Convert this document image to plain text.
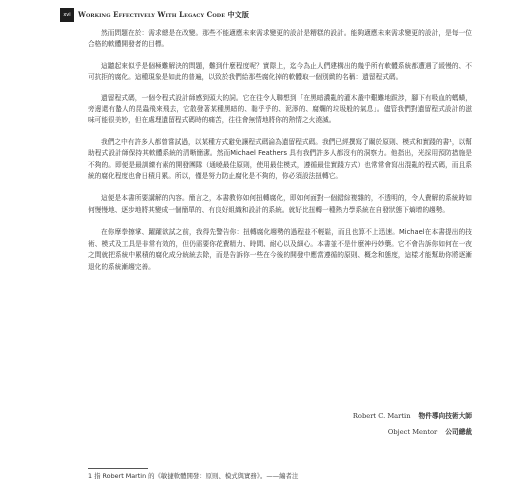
xvi	Working Effectively With Legacy Code 中文版

然而問題在於：需求總是在改變。那些不能適應未來需求變更的設計是糟糕的設計。能夠適應未來需求變更的設計，是每一位合格的軟體開發者的目標。

這聽起來似乎是個極難解決的問題，難到什麼程度呢？實際上，迄今為止人們建構出的幾乎所有軟體系統都遭遇了緩慢的、不可抗拒的腐化。這種現象是如此的普遍，以致於我們給那些腐化掉的軟體取一個別緻的名稱：遺留程式碼。

遺留程式碼，一個令程式設計師感到頭大的詞。它在往令人聯想到「在黑暗濃亂的灌木叢中艱難地跋涉，腳下有吸血的螞蟥，旁邊還有蟄人的昆蟲飛來飛去，它散發著某種黑暗的、黏乎乎的、泥濘的、腐爛的垃圾般的氣息」。儘管我們對遺留程式設計的滋味可能很美妙，但在處理遺留程式碼時的痛苦，往往會無情地將你的熱情之火澆滅。

我們之中有許多人都曾嘗試過，以某種方式避免讓程式碼淪為遺留程式碼。我們已經撰寫了關於原則、模式和實踐的書¹，以幫助程式設計師保持其軟體系統的清晰簡潔。然而Michael Feathers 具有我們許多人都沒有的洞察力。他指出，光採用預防措施是不夠的。即便是最訓練有素的開發團隊（通曉最佳原則，使用最佳模式，遵循最佳實踐方式）也常常會寫出混亂的程式碼，而且系統的腐化程度也會日積月累。所以，僅是努力防止腐化是不夠的，你必須設法扭轉它。

這便是本書所要講解的內容。簡言之，本書教你如何扭轉腐化，即如何面對一個錯綜複雜的，不透明的，令人費解的系統時如何慢慢地、逐步地將其變成一個簡單的、有良好組織和設計的系統。就好比扭轉一種熱力學系統在自發狀態下熵增的趨勢。

在你摩拳擦掌、躍躍欲試之前，我得先警告你：扭轉腐化趨勢的過程並不輕鬆，而且也算不上迅速。Michael在本書提出的技術、模式及工具是非常有效的，但仍需要你花費精力、時間、耐心以及細心。本書並不是什麼神丹妙藥。它不會告訴你如何在一夜之間就把系統中累積的腐化成分統統去除，而是告訴你一些在今後的開發中應當遵循的原則、概念和態度，這樣才能幫助你將逐漸退化的系統漸趨完善。

Robert C. Martin 物件導向技術大師
Object Mentor 公司總裁
1 指 Robert Martin 的《敏捷軟體開發：原則、模式與實務》。——編者注
